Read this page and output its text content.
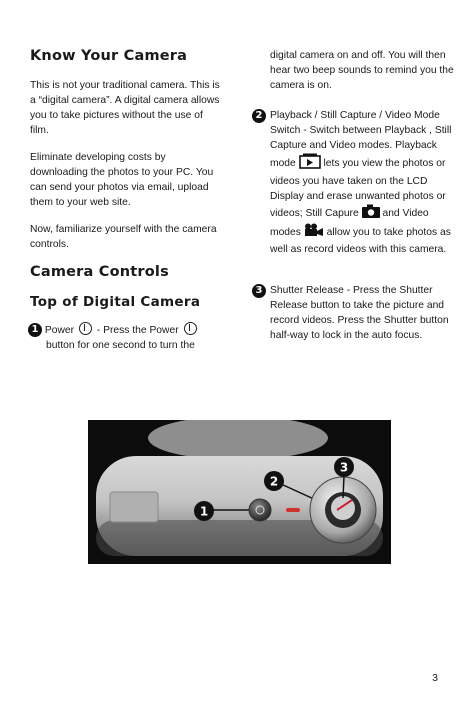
Know Your Camera

This is not your traditional camera. This is a “digital camera”. A digital camera allows you to take pictures without the use of film.

Eliminate developing costs by downloading the photos to your PC. You can send your photos via email, upload them to your web site.

Now, familiarize yourself with the camera controls.

Camera Controls
Top of Digital Camera
1 Power  - Press the Power
button for one second to turn the

digital camera on and off. You will then hear two beep sounds to remind you the camera is on.

2 Playback / Still Capture / Video Mode Switch - Switch between Playback , Still Capture and Video modes. Playback mode	lets you view the photos or videos you have taken on the LCD Display and erase unwanted photos or videos; Still Capure and Video modes	allow you to take photos as well as record videos with this camera.
3 Shutter Release - Press the Shutter Release button to take the picture and record videos. Press the Shutter button half-way to lock in the auto focus.
1
2
3
3
